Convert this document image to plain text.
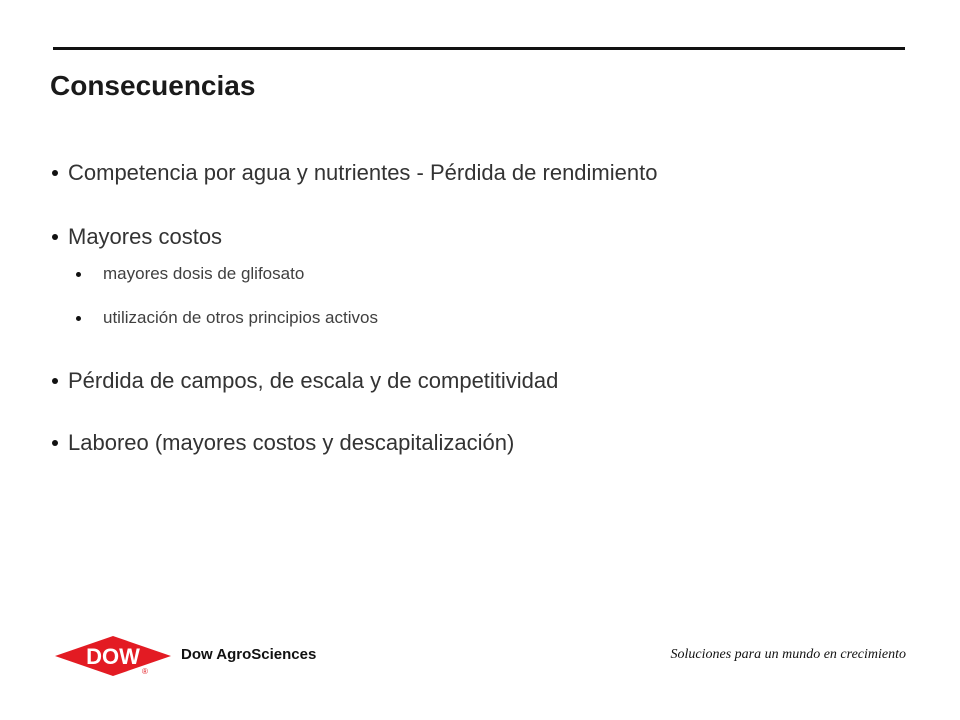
Consecuencias
Competencia por agua y nutrientes - Pérdida de rendimiento
Mayores costos
mayores dosis de glifosato
utilización de otros principios activos
Pérdida de campos, de escala y de competitividad
Laboreo (mayores costos y descapitalización)
DOW
®
Dow AgroSciences	Soluciones para un mundo en crecimiento
